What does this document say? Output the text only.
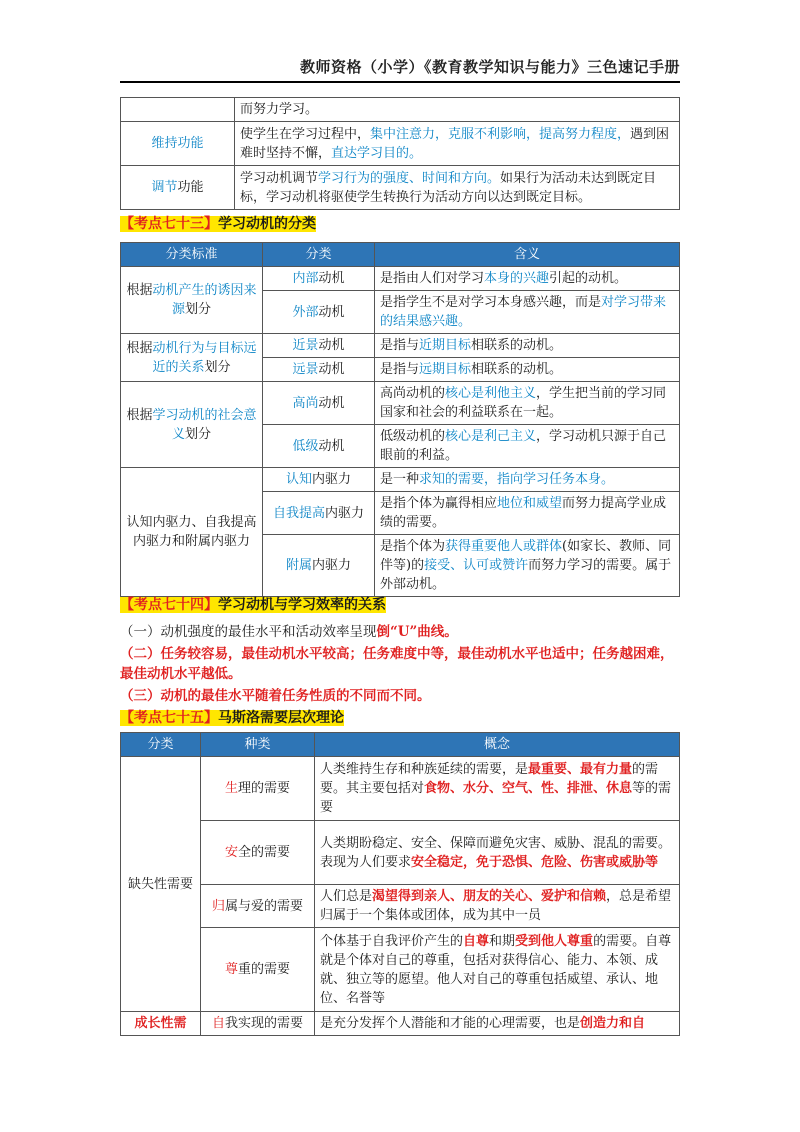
教师资格（小学）《教育教学知识与能力》三色速记手册
	而努力学习。
维持功能	使学生在学习过程中，集中注意力，克服不利影响，提高努力程度，遇到困难时坚持不懈，直达学习目的。
调节功能	学习动机调节学习行为的强度、时间和方向。如果行为活动未达到既定目标，学习动机将驱使学生转换行为活动方向以达到既定目标。
【考点七十三】学习动机的分类
分类标准	分类	含义
根据动机产生的诱因来源划分	内部动机	是指由人们对学习本身的兴趣引起的动机。
	外部动机	是指学生不是对学习本身感兴趣，而是对学习带来的结果感兴趣。
根据动机行为与目标远近的关系划分	近景动机	是指与近期目标相联系的动机。
	远景动机	是指与远期目标相联系的动机。
根据学习动机的社会意义划分	高尚动机	高尚动机的核心是利他主义，学生把当前的学习同国家和社会的利益联系在一起。
	低级动机	低级动机的核心是利己主义，学习动机只源于自己眼前的利益。
认知内驱力、自我提高内驱力和附属内驱力	认知内驱力	是一种求知的需要，指向学习任务本身。
	自我提高内驱力	是指个体为赢得相应地位和威望而努力提高学业成绩的需要。
	附属内驱力	是指个体为获得重要他人或群体(如家长、教师、同伴等)的接受、认可或赞许而努力学习的需要。属于外部动机。
【考点七十四】学习动机与学习效率的关系
（一）动机强度的最佳水平和活动效率呈现倒“U”曲线。
（二）任务较容易，最佳动机水平较高；任务难度中等，最佳动机水平也适中；任务越困难，最佳动机水平越低。
（三）动机的最佳水平随着任务性质的不同而不同。
【考点七十五】马斯洛需要层次理论
分类	种类	概念
缺失性需要	生理的需要	人类维持生存和种族延续的需要，是最重要、最有力量的需要。其主要包括对食物、水分、空气、性、排泄、休息等的需要
	安全的需要	人类期盼稳定、安全、保障而避免灾害、威胁、混乱的需要。表现为人们要求安全稳定，免于恐惧、危险、伤害或威胁等
	归属与爱的需要	人们总是渴望得到亲人、朋友的关心、爱护和信赖，总是希望归属于一个集体或团体，成为其中一员
	尊重的需要	个体基于自我评价产生的自尊和期受到他人尊重的需要。自尊就是个体对自己的尊重，包括对获得信心、能力、本领、成就、独立等的愿望。他人对自己的尊重包括威望、承认、地位、名誉等
成长性需	自我实现的需要	是充分发挥个人潜能和才能的心理需要，也是创造力和自
